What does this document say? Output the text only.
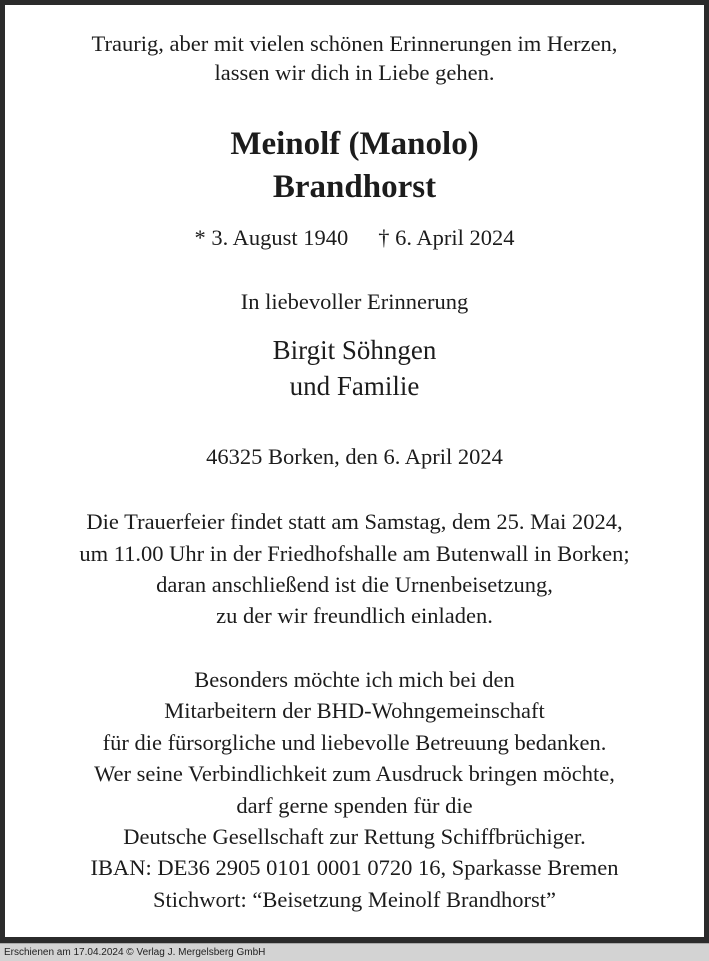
Traurig, aber mit vielen schönen Erinnerungen im Herzen,
lassen wir dich in Liebe gehen.
Meinolf (Manolo)
Brandhorst
* 3. August 1940 † 6. April 2024
In liebevoller Erinnerung
Birgit Söhngen
und Familie
46325 Borken, den 6. April 2024
Die Trauerfeier findet statt am Samstag, dem 25. Mai 2024,
um 11.00 Uhr in der Friedhofshalle am Butenwall in Borken;
daran anschließend ist die Urnenbeisetzung,
zu der wir freundlich einladen.
Besonders möchte ich mich bei den
Mitarbeitern der BHD-Wohngemeinschaft
für die fürsorgliche und liebevolle Betreuung bedanken.
Wer seine Verbindlichkeit zum Ausdruck bringen möchte,
darf gerne spenden für die
Deutsche Gesellschaft zur Rettung Schiffbrüchiger.
IBAN: DE36 2905 0101 0001 0720 16, Sparkasse Bremen
Stichwort: “Beisetzung Meinolf Brandhorst”
Erschienen am 17.04.2024 © Verlag J. Mergelsberg GmbH
